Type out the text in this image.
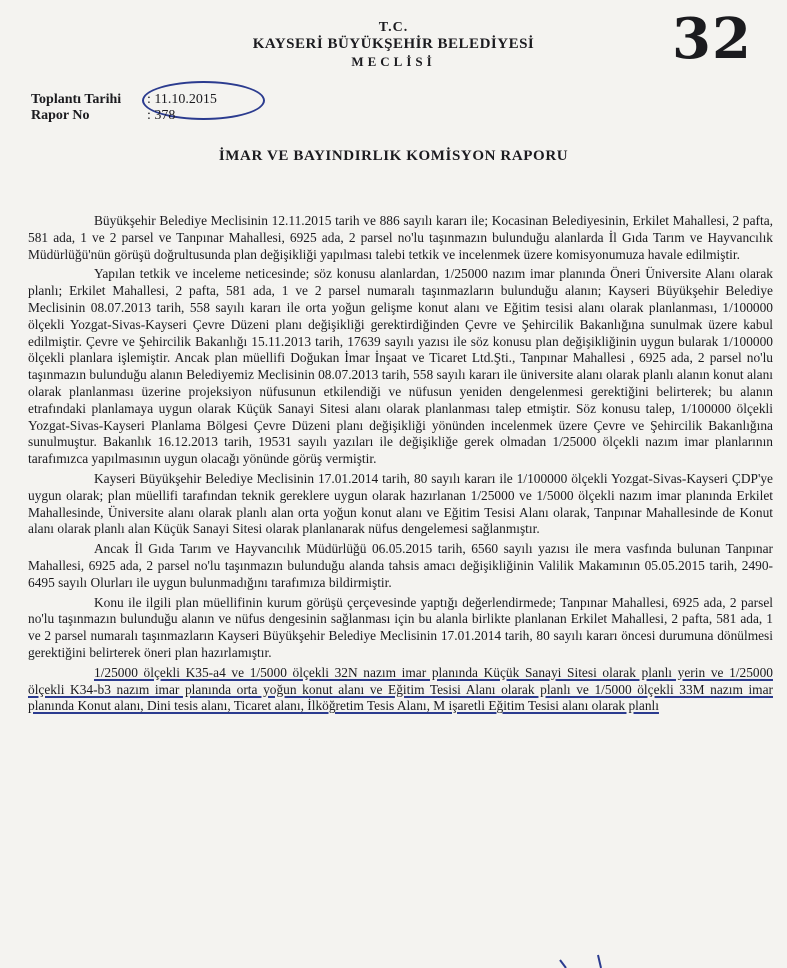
T.C.
KAYSERİ BÜYÜKŞEHİR BELEDİYESİ
MECLİSİ	32
Toplantı Tarihi : 11.10.2015
Rapor No	: 378
İMAR VE BAYINDIRLIK KOMİSYON RAPORU

Büyükşehir Belediye Meclisinin 12.11.2015 tarih ve 886 sayılı kararı ile; Kocasinan Belediyesinin, Erkilet Mahallesi, 2 pafta, 581 ada, 1 ve 2 parsel ve Tanpınar Mahallesi, 6925 ada, 2 parsel no'lu taşınmazın bulunduğu alanlarda İl Gıda Tarım ve Hayvancılık Müdürlüğü'nün görüşü doğrultusunda plan değişikliği yapılması talebi tetkik ve incelenmek üzere komisyonumuza havale edilmiştir.

Yapılan tetkik ve inceleme neticesinde; söz konusu alanlardan, 1/25000 nazım imar planında Öneri Üniversite Alanı olarak planlı; Erkilet Mahallesi, 2 pafta, 581 ada, 1 ve 2 parsel numaralı taşınmazların bulunduğu alanın; Kayseri Büyükşehir Belediye Meclisinin 08.07.2013 tarih, 558 sayılı kararı ile orta yoğun gelişme konut alanı ve Eğitim tesisi alanı olarak planlanması, 1/100000 ölçekli Yozgat-Sivas-Kayseri Çevre Düzeni planı değişikliği gerektirdiğinden Çevre ve Şehircilik Bakanlığına sunulmak üzere kabul edilmiştir. Çevre ve Şehircilik Bakanlığı 15.11.2013 tarih, 17639 sayılı yazısı ile söz konusu plan değişikliğinin uygun bularak 1/100000 ölçekli planlara işlemiştir. Ancak plan müellifi Doğukan İmar İnşaat ve Ticaret Ltd.Şti., Tanpınar Mahallesi , 6925 ada, 2 parsel no'lu taşınmazın bulunduğu alanın Belediyemiz Meclisinin 08.07.2013 tarih, 558 sayılı kararı ile üniversite alanı olarak planlı alanın konut alanı olarak planlanması üzerine projeksiyon nüfusunun etkilendiği ve nüfusun yeniden dengelenmesi gerektiğini belirterek; bu alanın etrafındaki planlamaya uygun olarak Küçük Sanayi Sitesi alanı olarak planlanması talep etmiştir. Söz konusu talep, 1/100000 ölçekli Yozgat-Sivas-Kayseri Planlama Bölgesi Çevre Düzeni planı değişikliği yönünden incelenmek üzere Çevre ve Şehircilik Bakanlığına sunulmuştur. Bakanlık 16.12.2013 tarih, 19531 sayılı yazıları ile değişikliğe gerek olmadan 1/25000 ölçekli nazım imar planlarının tarafımızca yapılmasının uygun olacağı yönünde görüş vermiştir.

Kayseri Büyükşehir Belediye Meclisinin 17.01.2014 tarih, 80 sayılı kararı ile 1/100000 ölçekli Yozgat-Sivas-Kayseri ÇDP'ye uygun olarak; plan müellifi tarafından teknik gereklere uygun olarak hazırlanan 1/25000 ve 1/5000 ölçekli nazım imar planında Erkilet Mahallesinde, Üniversite alanı olarak planlı alan orta yoğun konut alanı ve Eğitim Tesisi Alanı olarak, Tanpınar Mahallesinde de Konut alanı olarak planlı alan Küçük Sanayi Sitesi olarak planlanarak nüfus dengelemesi sağlanmıştır.

Ancak İl Gıda Tarım ve Hayvancılık Müdürlüğü 06.05.2015 tarih, 6560 sayılı yazısı ile mera vasfında bulunan Tanpınar Mahallesi, 6925 ada, 2 parsel no'lu taşınmazın bulunduğu alanda tahsis amacı değişikliğinin Valilik Makamının 05.05.2015 tarih, 2490-6495 sayılı Olurları ile uygun bulunmadığını tarafımıza bildirmiştir.

Konu ile ilgili plan müellifinin kurum görüşü çerçevesinde yaptığı değerlendirmede; Tanpınar Mahallesi, 6925 ada, 2 parsel no'lu taşınmazın bulunduğu alanın ve nüfus dengesinin sağlanması için bu alanla birlikte planlanan Erkilet Mahallesi, 2 pafta, 581 ada, 1 ve 2 parsel numaralı taşınmazların Kayseri Büyükşehir Belediye Meclisinin 17.01.2014 tarih, 80 sayılı kararı öncesi durumuna dönülmesi gerektiğini belirterek öneri plan hazırlamıştır.

1/25000 ölçekli K35-a4 ve 1/5000 ölçekli 32N nazım imar planında Küçük Sanayi Sitesi olarak planlı yerin ve 1/25000 ölçekli K34-b3 nazım imar planında orta yoğun konut alanı ve Eğitim Tesisi Alanı olarak planlı ve 1/5000 ölçekli 33M nazım imar planında Konut alanı, Dini tesis alanı, Ticaret alanı, İlköğretim Tesis Alanı, M işaretli Eğitim Tesisi alanı olarak planlı
